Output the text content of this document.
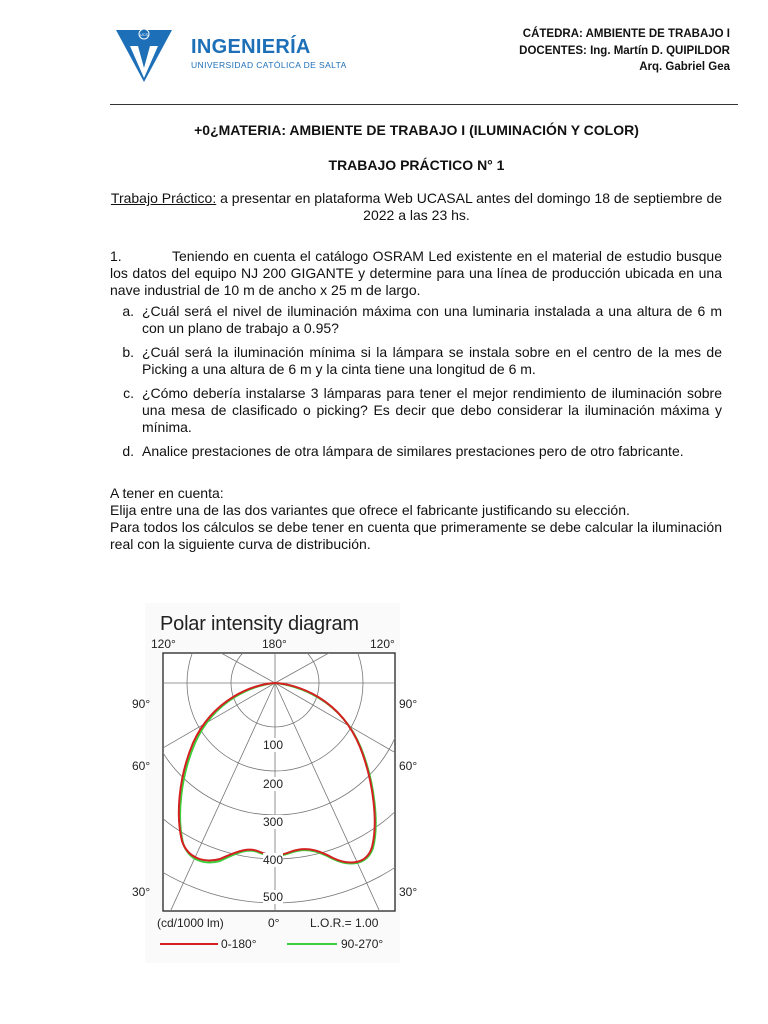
UCS
INGENIERÍA
UNIVERSIDAD CATÓLICA DE SALTA
CÁTEDRA: AMBIENTE DE TRABAJO I
DOCENTES: Ing. Martín D. QUIPILDOR
Arq. Gabriel Gea
+0¿MATERIA: AMBIENTE DE TRABAJO I (ILUMINACIÓN Y COLOR)
TRABAJO PRÁCTICO N° 1
Trabajo Práctico: a presentar en plataforma Web UCASAL antes del domingo 18 de septiembre de 2022 a las 23 hs.
1.	Teniendo en cuenta el catálogo OSRAM Led existente en el material de estudio busque los datos del equipo NJ 200 GIGANTE y determine para una línea de producción ubicada en una nave industrial de 10 m de ancho x 25 m de largo.
a. ¿Cuál será el nivel de iluminación máxima con una luminaria instalada a una altura de 6 m con un plano de trabajo a 0.95?
b. ¿Cuál será la iluminación mínima si la lámpara se instala sobre en el centro de la mes de Picking a una altura de 6 m y la cinta tiene una longitud de 6 m.
c. ¿Cómo debería instalarse 3 lámparas para tener el mejor rendimiento de iluminación sobre una mesa de clasificado o picking? Es decir que debo considerar la iluminación máxima y mínima.
d. Analice prestaciones de otra lámpara de similares prestaciones pero de otro fabricante.
A tener en cuenta:
Elija entre una de las dos variantes que ofrece el fabricante justificando su elección.
Para todos los cálculos se debe tener en cuenta que primeramente se debe calcular la iluminación real con la siguiente curva de distribución.
Polar intensity diagram
120°	180°	120°
90°	90°
60°	60°
30°	30°
100
200
300
400
500
(cd/1000 lm)	0°	L.O.R.= 1.00
0-180°	90-270°
